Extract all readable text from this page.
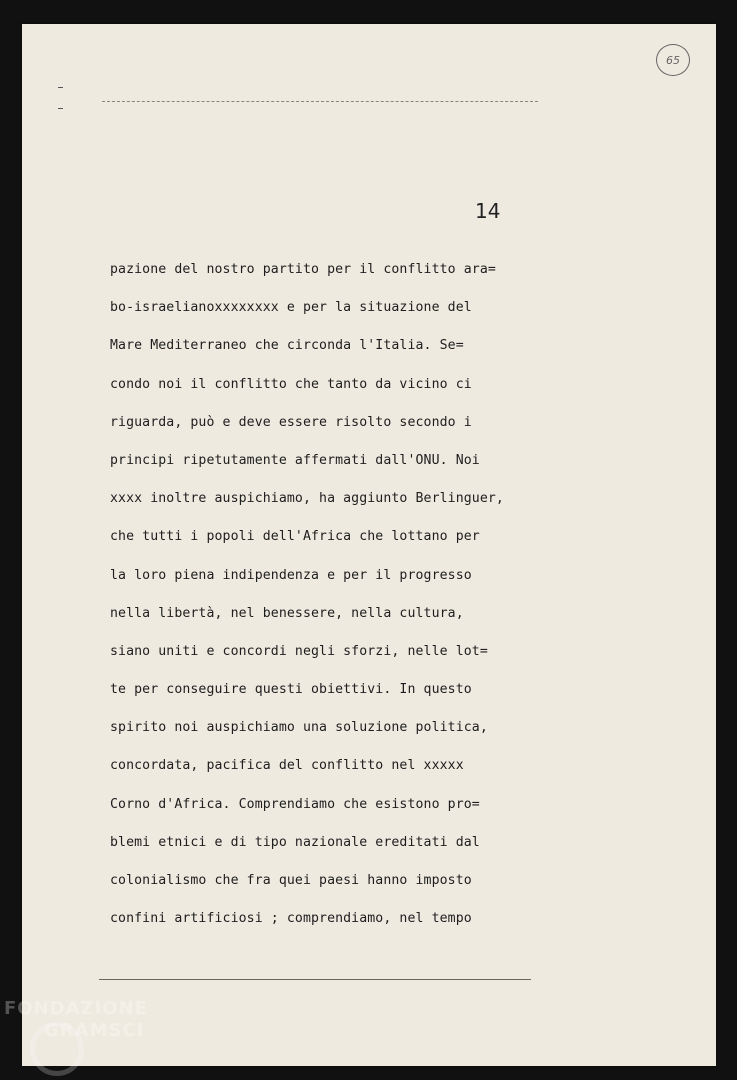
65
14
pazione del nostro partito per il conflitto ara=
bo-israelianoxxxxxxxx e per la situazione del
Mare Mediterraneo che circonda l'Italia. Se=
condo noi il conflitto che tanto da vicino ci
riguarda, può e deve essere risolto secondo i
principi ripetutamente affermati dall'ONU. Noi
xxxx inoltre auspichiamo, ha aggiunto Berlinguer,
che tutti i popoli dell'Africa che lottano per
la loro piena indipendenza e per il progresso
nella libertà, nel benessere, nella cultura,
siano uniti e concordi negli sforzi, nelle lot=
te per conseguire questi obiettivi. In questo
spirito noi auspichiamo una soluzione politica,
concordata, pacifica del conflitto nel xxxxx
Corno d'Africa. Comprendiamo che esistono pro=
blemi etnici e di tipo nazionale ereditati dal
colonialismo che fra quei paesi hanno imposto
confini artificiosi ; comprendiamo, nel tempo
FONDAZIONE
GRAMSCI
